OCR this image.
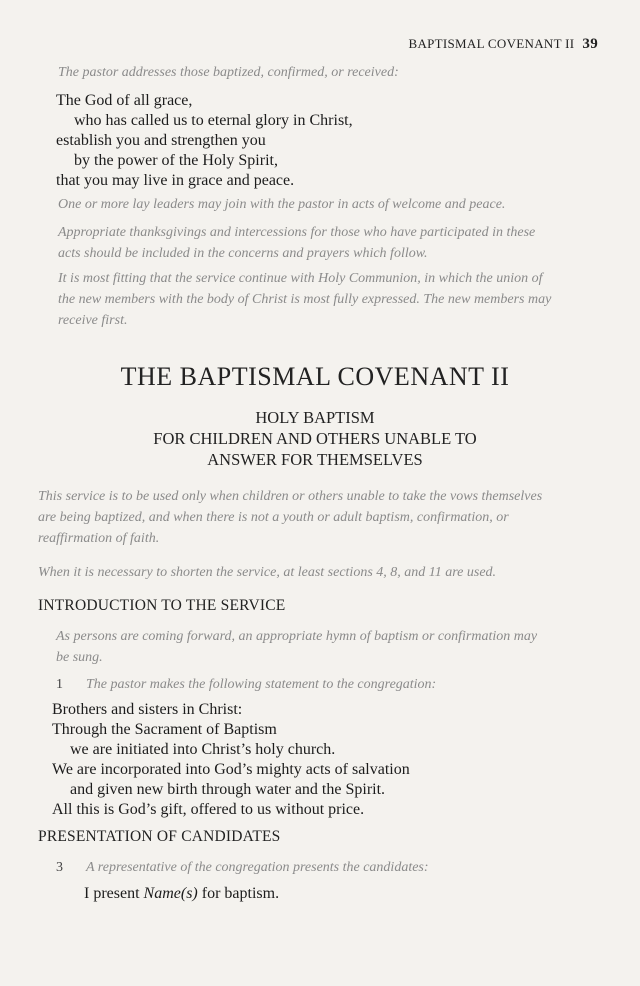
BAPTISMAL COVENANT II 39
The pastor addresses those baptized, confirmed, or received:
The God of all grace,
who has called us to eternal glory in Christ,
establish you and strengthen you
by the power of the Holy Spirit,
that you may live in grace and peace.
One or more lay leaders may join with the pastor in acts of welcome and peace.
Appropriate thanksgivings and intercessions for those who have participated in these
acts should be included in the concerns and prayers which follow.
It is most fitting that the service continue with Holy Communion, in which the union of
the new members with the body of Christ is most fully expressed. The new members may
receive first.
THE BAPTISMAL COVENANT II
HOLY BAPTISM
FOR CHILDREN AND OTHERS UNABLE TO
ANSWER FOR THEMSELVES
This service is to be used only when children or others unable to take the vows themselves
are being baptized, and when there is not a youth or adult baptism, confirmation, or
reaffirmation of faith.
When it is necessary to shorten the service, at least sections 4, 8, and 11 are used.
INTRODUCTION TO THE SERVICE
As persons are coming forward, an appropriate hymn of baptism or confirmation may
be sung.
1 The pastor makes the following statement to the congregation:
Brothers and sisters in Christ:
Through the Sacrament of Baptism
we are initiated into Christ’s holy church.
We are incorporated into God’s mighty acts of salvation
and given new birth through water and the Spirit.
All this is God’s gift, offered to us without price.
PRESENTATION OF CANDIDATES
3 A representative of the congregation presents the candidates:
I present Name(s) for baptism.
